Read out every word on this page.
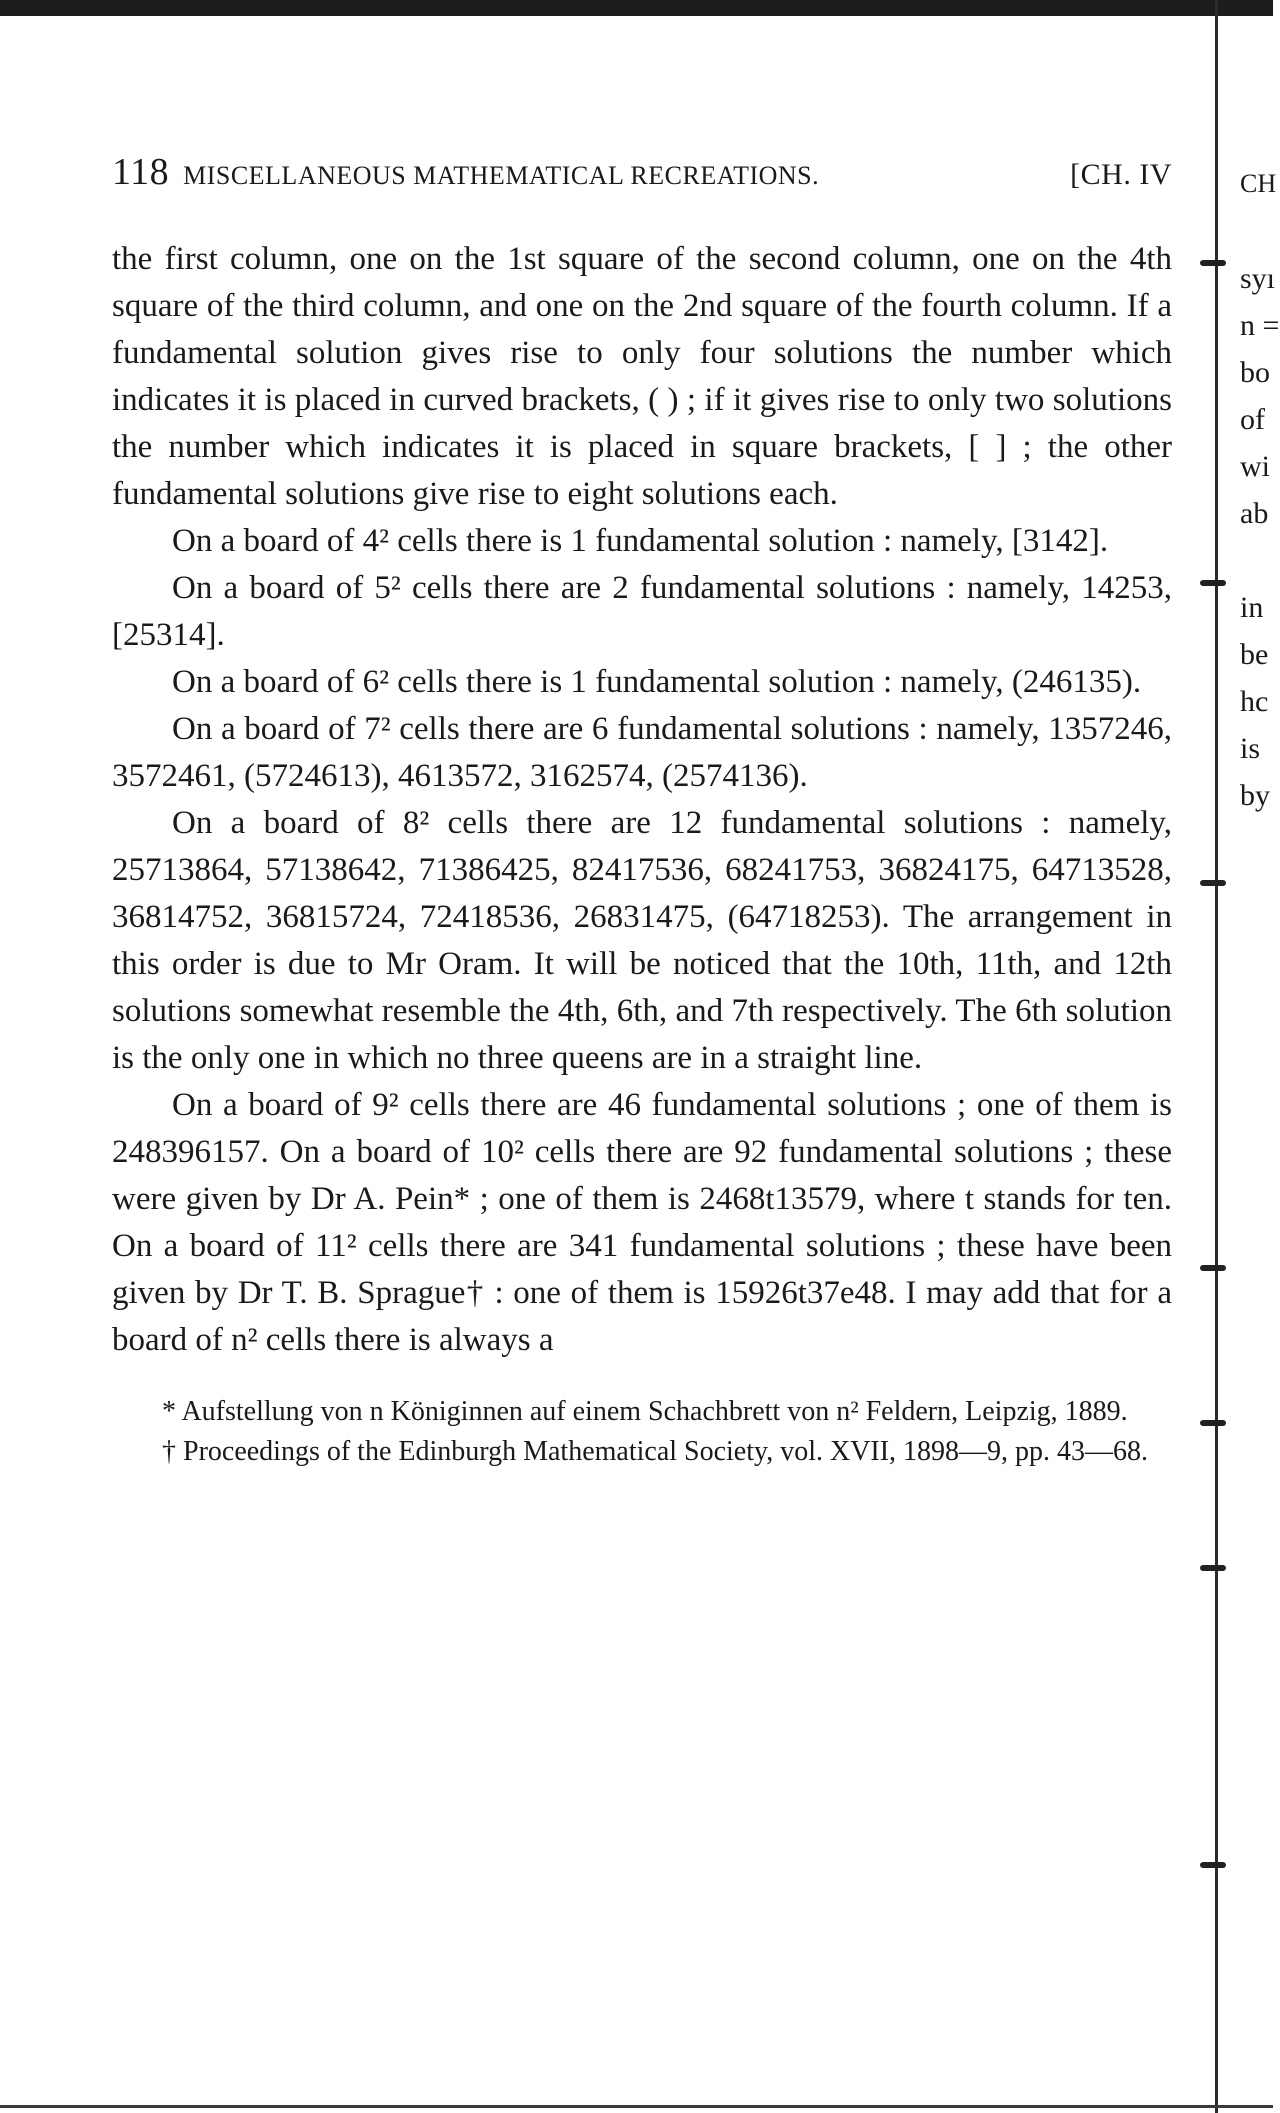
118 MISCELLANEOUS MATHEMATICAL RECREATIONS.	[CH. IV

the first column, one on the 1st square of the second column, one on the 4th square of the third column, and one on the 2nd square of the fourth column. If a fundamental solution gives rise to only four solutions the number which indicates it is placed in curved brackets, ( ) ; if it gives rise to only two solutions the number which indicates it is placed in square brackets, [ ] ; the other fundamental solutions give rise to eight solutions each.

On a board of 4² cells there is 1 fundamental solution : namely, [3142].

On a board of 5² cells there are 2 fundamental solutions : namely, 14253, [25314].

On a board of 6² cells there is 1 fundamental solution : namely, (246135).

On a board of 7² cells there are 6 fundamental solutions : namely, 1357246, 3572461, (5724613), 4613572, 3162574, (2574136).

On a board of 8² cells there are 12 fundamental solutions : namely, 25713864, 57138642, 71386425, 82417536, 68241753, 36824175, 64713528, 36814752, 36815724, 72418536, 26831475, (64718253). The arrangement in this order is due to Mr Oram. It will be noticed that the 10th, 11th, and 12th solutions somewhat resemble the 4th, 6th, and 7th respectively. The 6th solution is the only one in which no three queens are in a straight line.

On a board of 9² cells there are 46 fundamental solutions ; one of them is 248396157. On a board of 10² cells there are 92 fundamental solutions ; these were given by Dr A. Pein* ; one of them is 2468t13579, where t stands for ten. On a board of 11² cells there are 341 fundamental solutions ; these have been given by Dr T. B. Sprague† : one of them is 15926t37e48. I may add that for a board of n² cells there is always a

* Aufstellung von n Königinnen auf einem Schachbrett von n² Feldern, Leipzig, 1889.

† Proceedings of the Edinburgh Mathematical Society, vol. XVII, 1898—9, pp. 43—68.

CH
syı
n =
bo
of
wi
ab
in
be
hc
is
by
